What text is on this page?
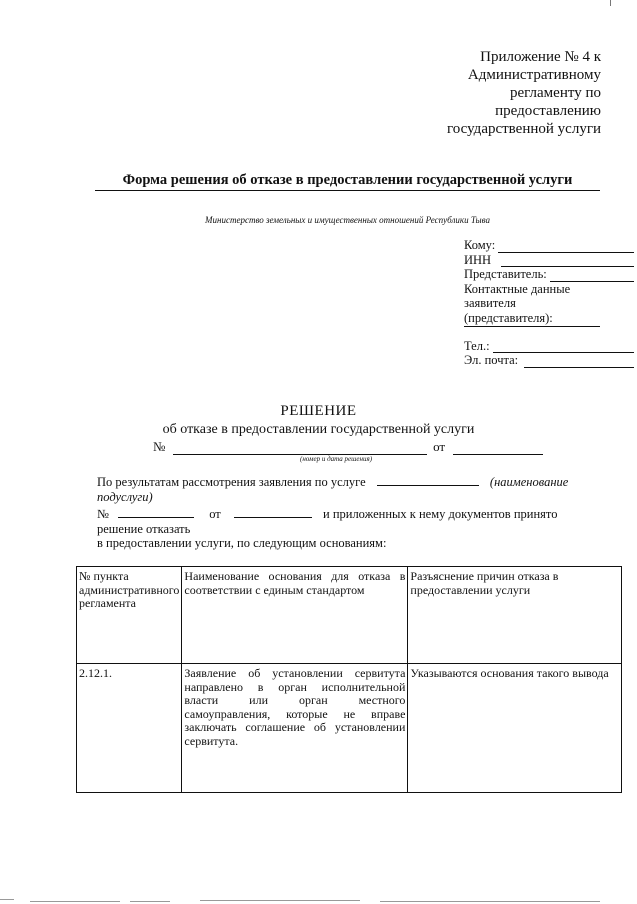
Приложение № 4 к
Административному
регламенту по
предоставлению
государственной услуги
Форма решения об отказе в предоставлении государственной услуги
Министерство земельных и имущественных отношений Республики Тыва
Кому:
ИНН
Представитель:
Контактные данные
заявителя
(представителя):
Тел.:
Эл. почта:
РЕШЕНИЕ
об отказе в предоставлении государственной услуги
№	от
(номер и дата решения)
По результатам рассмотрения заявления по услуге	(наименование подуслуги)
№	от	и приложенных к нему документов принято решение отказать
в предоставлении услуги, по следующим основаниям:
№ пункта административного регламента	Наименование основания для отказа в соответствии с единым стандартом	Разъяснение причин отказа в предоставлении услуги
2.12.1.	Заявление об установлении сервитута направлено в орган исполнительной власти или орган местного самоуправления, которые не вправе заключать соглашение об установлении сервитута.	Указываются основания такого вывода
